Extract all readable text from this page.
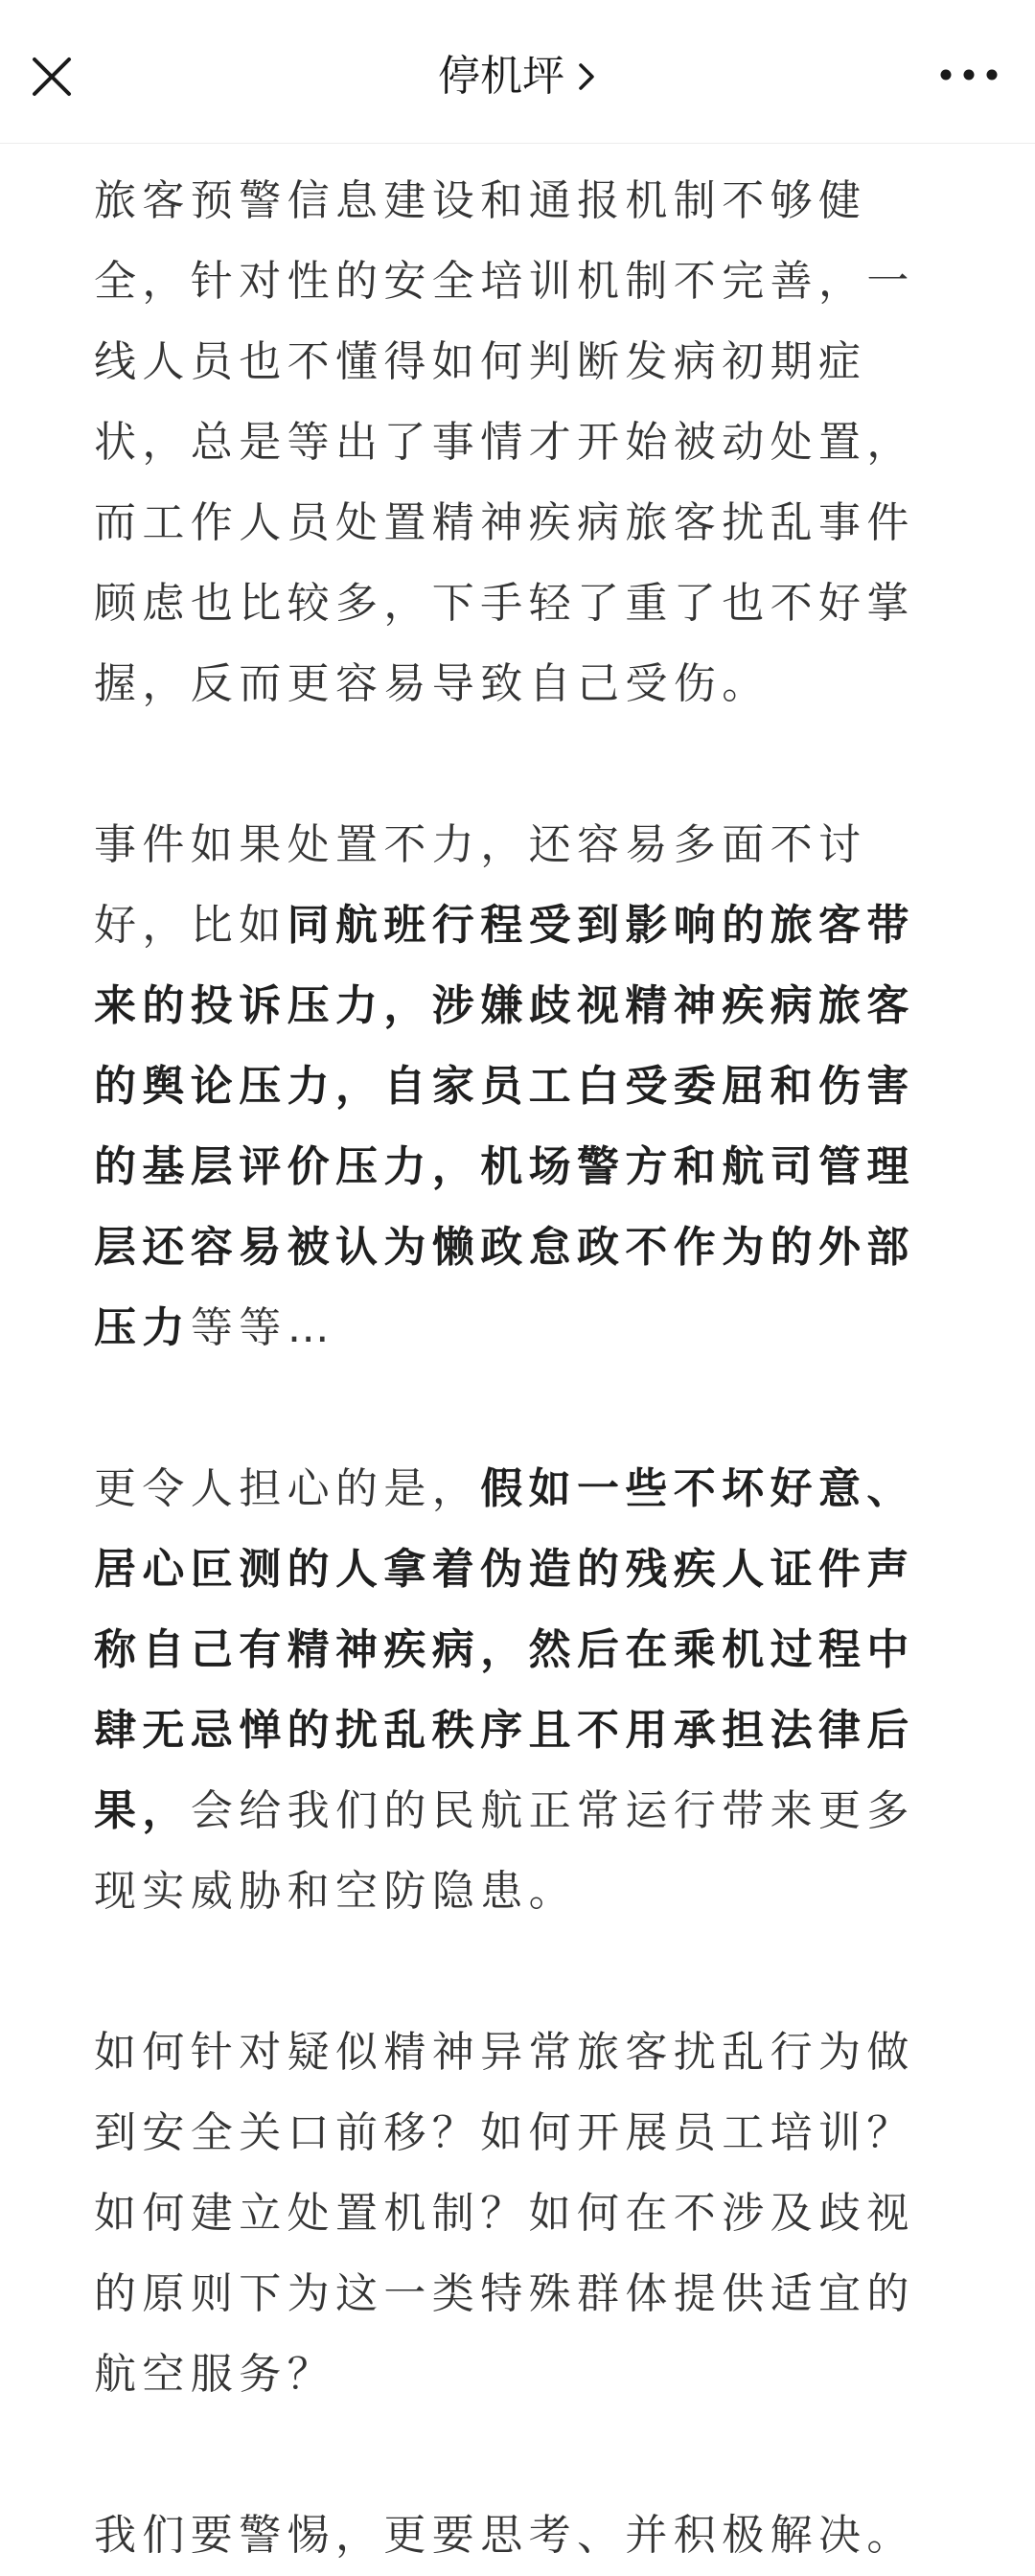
停机坪

旅客预警信息建设和通报机制不够健全，针对性的安全培训机制不完善，一线人员也不懂得如何判断发病初期症状，总是等出了事情才开始被动处置，而工作人员处置精神疾病旅客扰乱事件顾虑也比较多，下手轻了重了也不好掌握，反而更容易导致自己受伤。

事件如果处置不力，还容易多面不讨好，比如同航班行程受到影响的旅客带来的投诉压力，涉嫌歧视精神疾病旅客的舆论压力，自家员工白受委屈和伤害的基层评价压力，机场警方和航司管理层还容易被认为懒政怠政不作为的外部压力等等…

更令人担心的是，假如一些不坏好意、居心叵测的人拿着伪造的残疾人证件声称自己有精神疾病，然后在乘机过程中肆无忌惮的扰乱秩序且不用承担法律后果，会给我们的民航正常运行带来更多现实威胁和空防隐患。

如何针对疑似精神异常旅客扰乱行为做到安全关口前移？如何开展员工培训？如何建立处置机制？如何在不涉及歧视的原则下为这一类特殊群体提供适宜的航空服务？

我们要警惕，更要思考、并积极解决。
